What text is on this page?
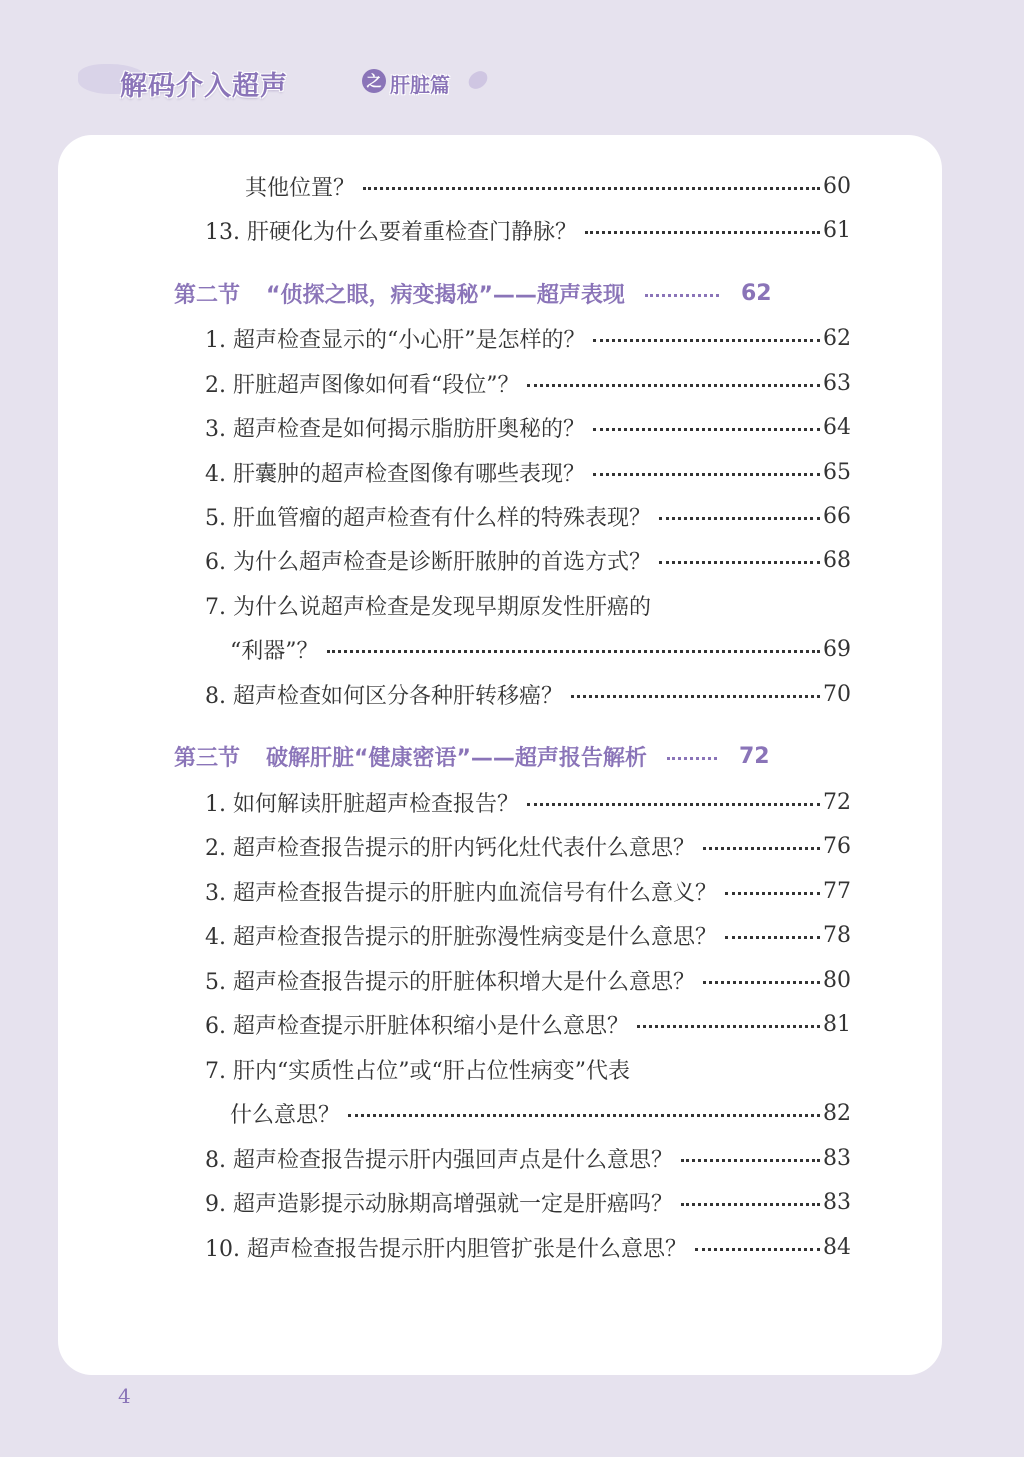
解码介入超声	之 肝脏篇
其他位置？	60
13. 肝硬化为什么要着重检查门静脉？	61
第二节 “侦探之眼，病变揭秘”——超声表现	62
1. 超声检查显示的“小心肝”是怎样的？	62
2. 肝脏超声图像如何看“段位”？	63
3. 超声检查是如何揭示脂肪肝奥秘的？	64
4. 肝囊肿的超声检查图像有哪些表现？	65
5. 肝血管瘤的超声检查有什么样的特殊表现？	66
6. 为什么超声检查是诊断肝脓肿的首选方式？	68
7. 为什么说超声检查是发现早期原发性肝癌的
“利器”？	69
8. 超声检查如何区分各种肝转移癌？	70
第三节 破解肝脏“健康密语”——超声报告解析	72
1. 如何解读肝脏超声检查报告？	72
2. 超声检查报告提示的肝内钙化灶代表什么意思？	76
3. 超声检查报告提示的肝脏内血流信号有什么意义？	77
4. 超声检查报告提示的肝脏弥漫性病变是什么意思？	78
5. 超声检查报告提示的肝脏体积增大是什么意思？	80
6. 超声检查提示肝脏体积缩小是什么意思？	81
7. 肝内“实质性占位”或“肝占位性病变”代表
什么意思？	82
8. 超声检查报告提示肝内强回声点是什么意思？	83
9. 超声造影提示动脉期高增强就一定是肝癌吗？	83
10. 超声检查报告提示肝内胆管扩张是什么意思？	84
4
